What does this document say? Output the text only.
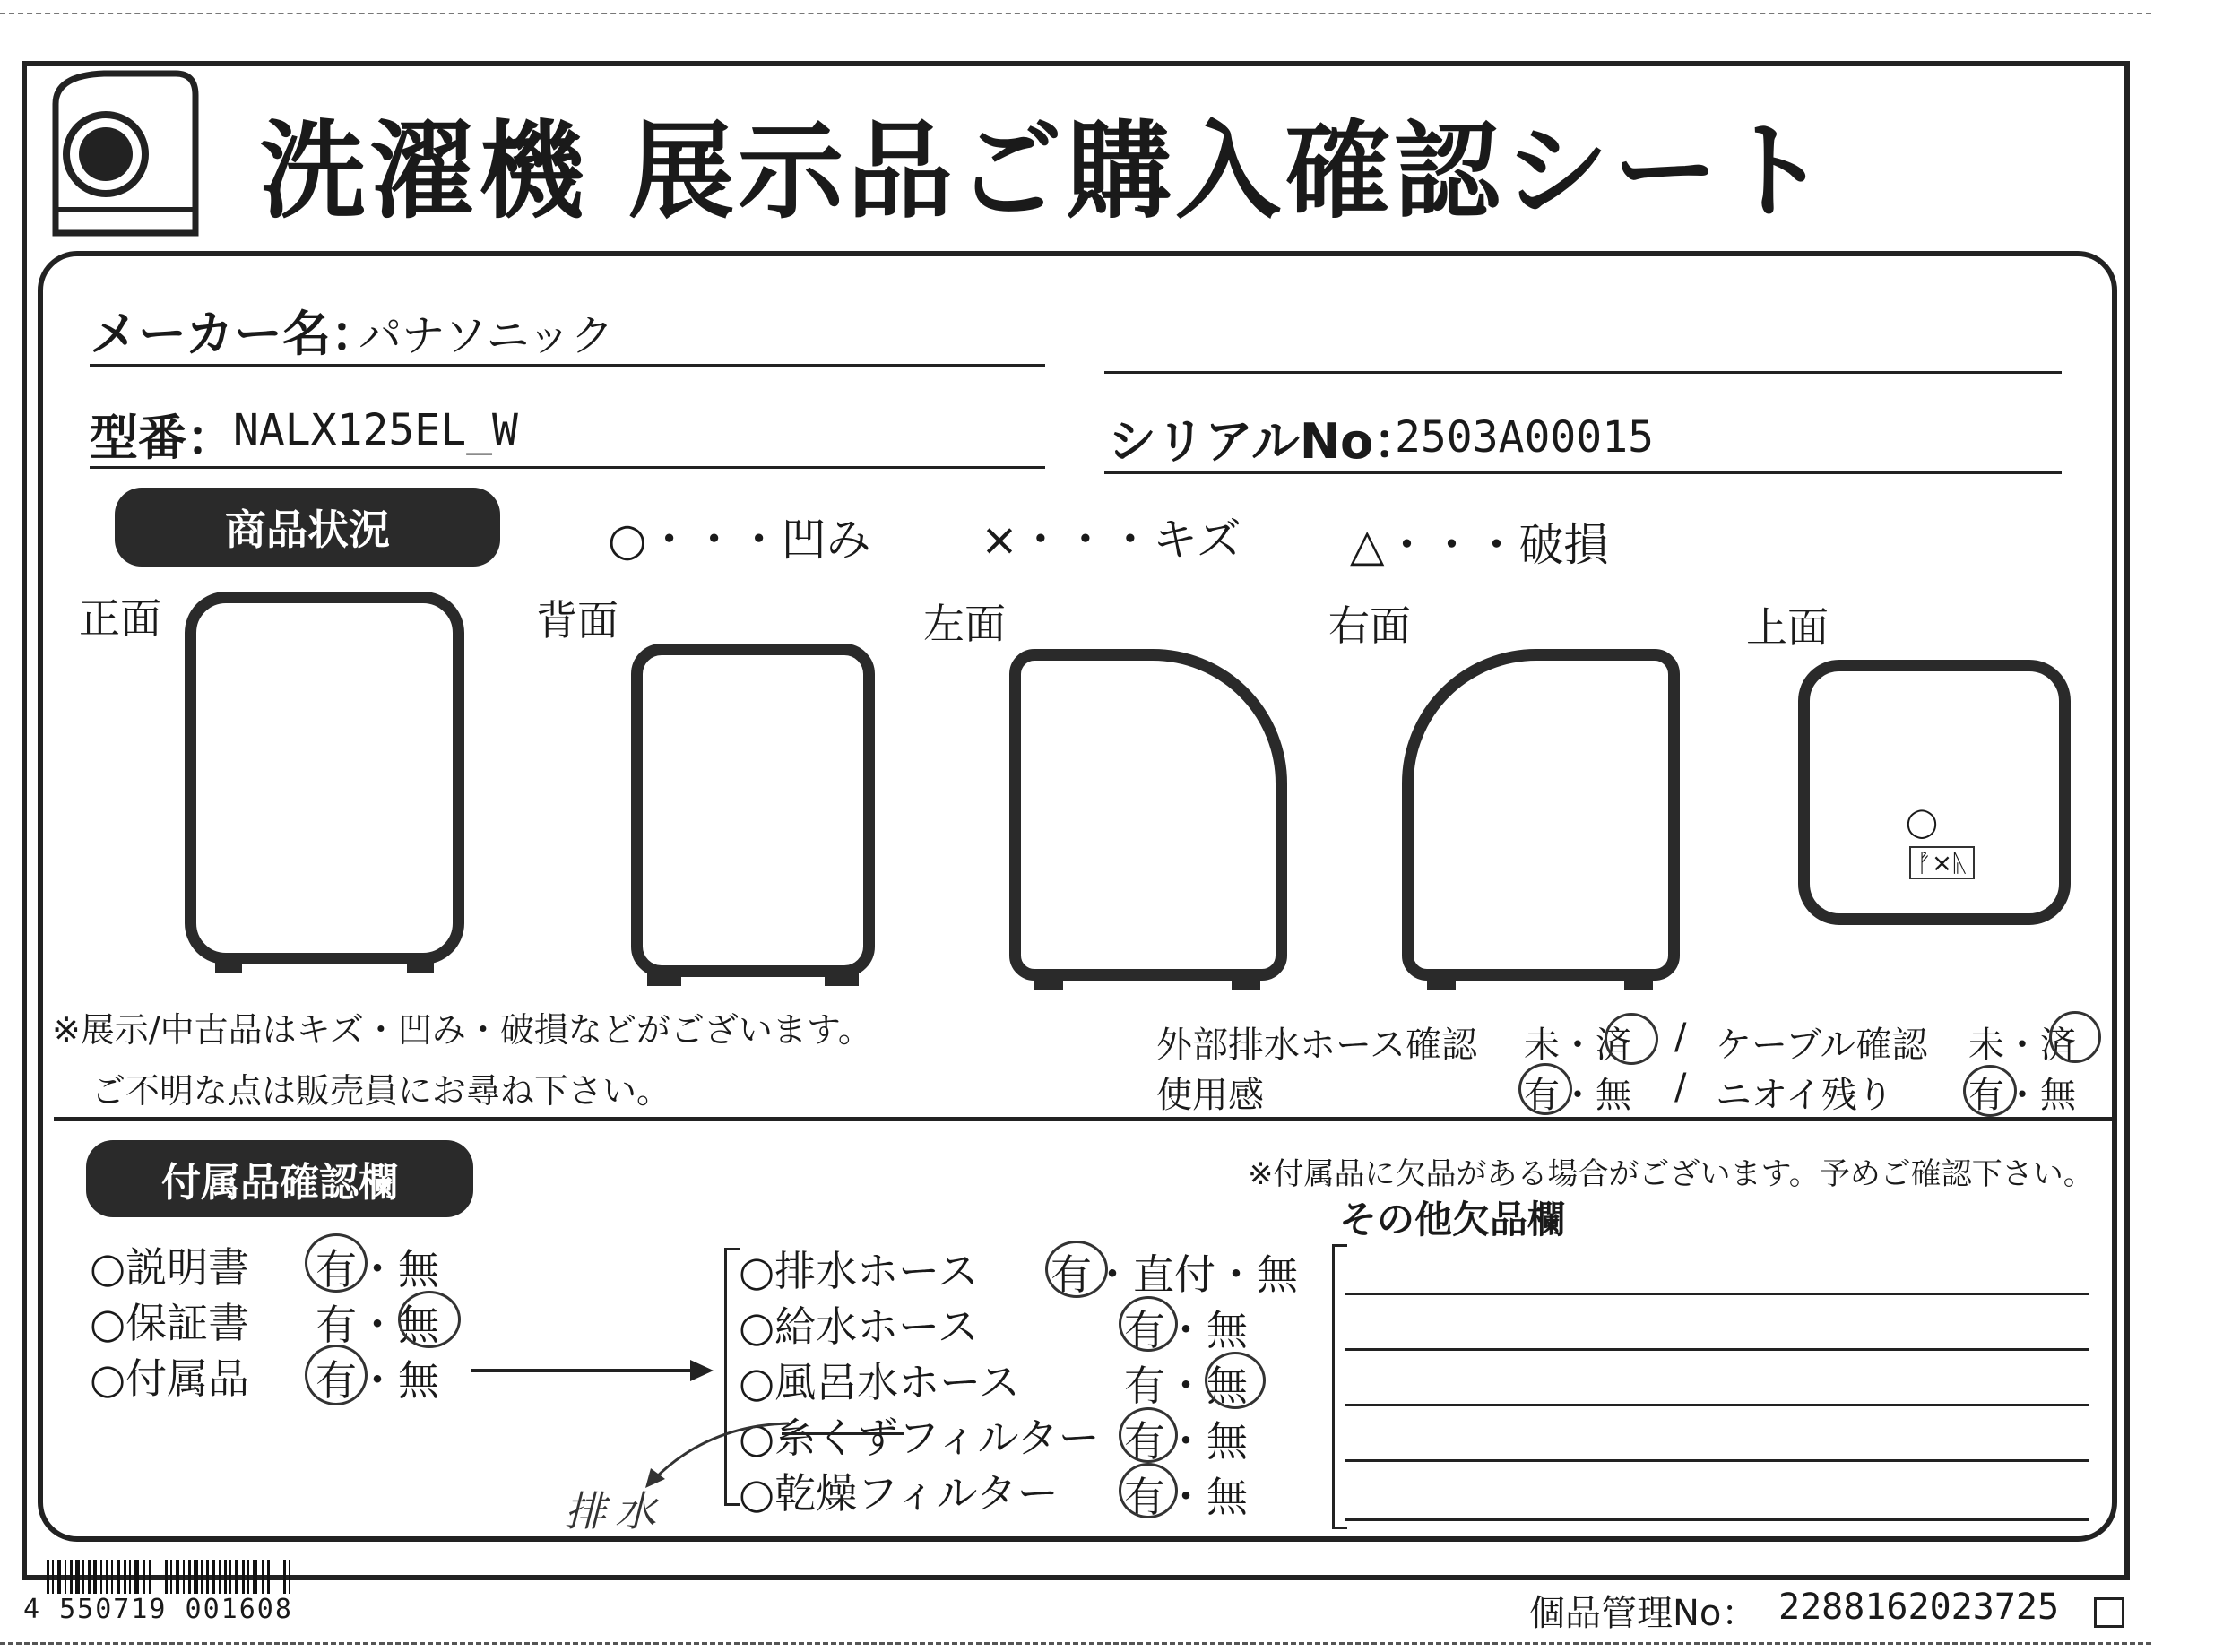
洗濯機 展示品ご購入確認シート
メーカー名：
パナソニック
型番：
NALX125EL_W	シリアルNo：
2503A00015
商品状況	○・・・凹み ×・・・キズ △・・・破損
正面	背面	左面	右面	上面
◯
ᚡ×ᚣ
※展示/中古品はキズ・凹み・破損などがございます。
ご不明な点は販売員にお尋ね下さい。
外部排水ホース確認 未・済 / ケーブル確認 未・済
使用感	有・無 / ニオイ残り 有・無
付属品確認欄	※付属品に欠品がある場合がございます。予めご確認下さい。
その他欠品欄
○説明書 有・無
○保証書 有・無
○付属品 有・無
○排水ホース 有・直付・無
○給水ホース	有・無
○風呂水ホース	有・無
○糸くずフィルター 有・無
○乾燥フィルター 有・無
排水
4 550719 001608	個品管理No： 2288162023725
